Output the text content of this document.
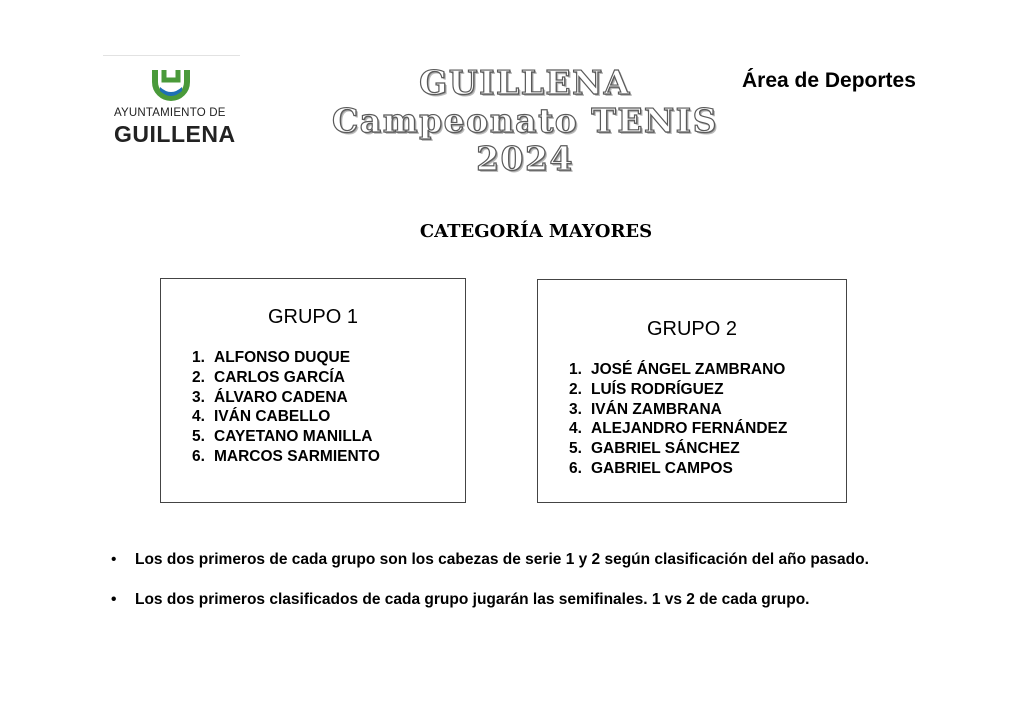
AYUNTAMIENTO DE
GUILLENA
GUILLENA
Campeonato TENIS
2024
Área de Deportes
CATEGORÍA MAYORES
GRUPO 1
1. ALFONSO DUQUE
2. CARLOS GARCÍA
3. ÁLVARO CADENA
4. IVÁN CABELLO
5. CAYETANO MANILLA
6. MARCOS SARMIENTO
GRUPO 2
1. JOSÉ ÁNGEL ZAMBRANO
2. LUÍS RODRÍGUEZ
3. IVÁN ZAMBRANA
4. ALEJANDRO FERNÁNDEZ
5. GABRIEL SÁNCHEZ
6. GABRIEL CAMPOS
• Los dos primeros de cada grupo son los cabezas de serie 1 y 2 según clasificación del año pasado.
• Los dos primeros clasificados de cada grupo jugarán las semifinales. 1 vs 2 de cada grupo.
